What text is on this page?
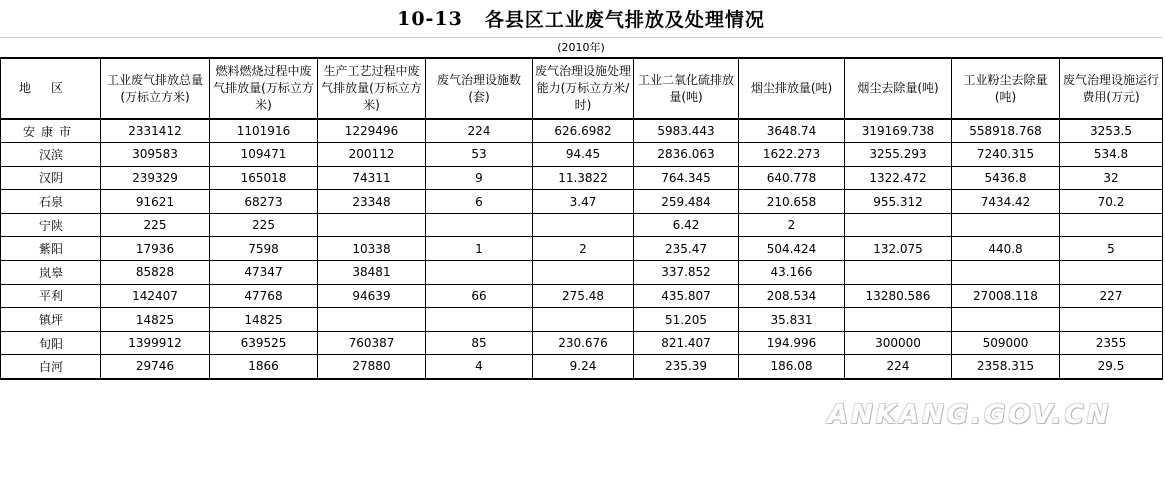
10-13 各县区工业废气排放及处理情况
(2010年)
地区	工业废气排放总量(万标立方米)	燃料燃烧过程中废气排放量(万标立方米)	生产工艺过程中废气排放量(万标立方米)	废气治理设施数(套)	废气治理设施处理能力(万标立方米/时)	工业二氧化硫排放量(吨)	烟尘排放量(吨)	烟尘去除量(吨)	工业粉尘去除量(吨)	废气治理设施运行费用(万元)
安康市	2331412	1101916	1229496	224	626.6982	5983.443	3648.74	319169.738	558918.768	3253.5
汉滨	309583	109471	200112	53	94.45	2836.063	1622.273	3255.293	7240.315	534.8
汉阴	239329	165018	74311	9	11.3822	764.345	640.778	1322.472	5436.8	32
石泉	91621	68273	23348	6	3.47	259.484	210.658	955.312	7434.42	70.2
宁陕	225	225				6.42	2			
紫阳	17936	7598	10338	1	2	235.47	504.424	132.075	440.8	5
岚皋	85828	47347	38481			337.852	43.166			
平利	142407	47768	94639	66	275.48	435.807	208.534	13280.586	27008.118	227
镇坪	14825	14825				51.205	35.831			
旬阳	1399912	639525	760387	85	230.676	821.407	194.996	300000	509000	2355
白河	29746	1866	27880	4	9.24	235.39	186.08	224	2358.315	29.5
ANKANG.GOV.CN
